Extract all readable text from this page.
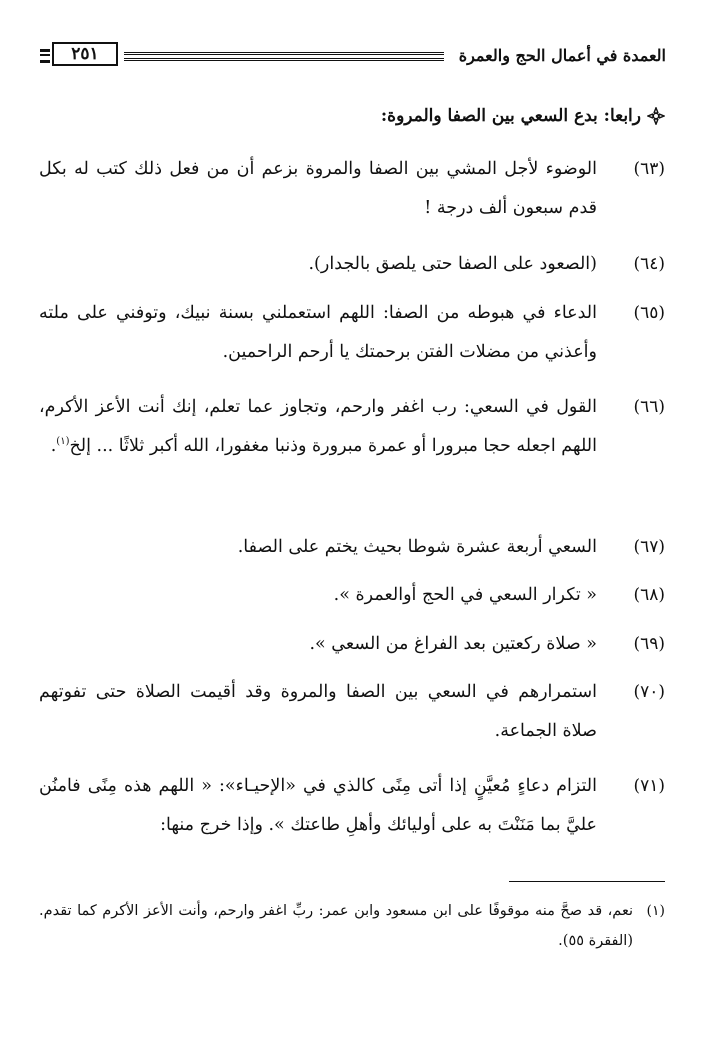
العمدة في أعمال الحج والعمرة
٢٥١
رابعا: بدع السعي بين الصفا والمروة:
(٦٣)
الوضوء لأجل المشي بين الصفا والمروة بزعم أن من فعل ذلك كتب له بكل قدم سبعون ألف درجة !
(٦٤)
(الصعود على الصفا حتى يلصق بالجدار).
(٦٥)
الدعاء في هبوطه من الصفا: اللهم استعملني بسنة نبيك، وتوفني على ملته وأعذني من مضلات الفتن برحمتك يا أرحم الراحمين.
(٦٦)
القول في السعي: رب اغفر وارحم، وتجاوز عما تعلم، إنك أنت الأعز الأكرم، اللهم اجعله حجا مبرورا أو عمرة مبرورة وذنبا مغفورا، الله أكبر ثلاثًا ... إلخ$^{(١)}$.
(٦٧)
السعي أربعة عشرة شوطا بحيث يختم على الصفا.
(٦٨)
« تكرار السعي في الحج أوالعمرة ».
(٦٩)
« صلاة ركعتين بعد الفراغ من السعي ».
(٧٠)
استمرارهم في السعي بين الصفا والمروة وقد أقيمت الصلاة حتى تفوتهم صلاة الجماعة.
(٧١)
التزام دعاءٍ مُعيَّنٍ إذا أتى مِنًى كالذي في «الإحيـاء»: « اللهم هذه مِنًى فامنُن عليَّ بما مَنَنْتَ به على أوليائك وأهلِ طاعتك ». وإذا خرج منها:
(١)
نعم، قد صحَّ منه موقوفًا على ابن مسعود وابن عمر: ربِّ اغفر وارحم، وأنت الأعز الأكرم كما تقدم. (الفقرة ٥٥).
